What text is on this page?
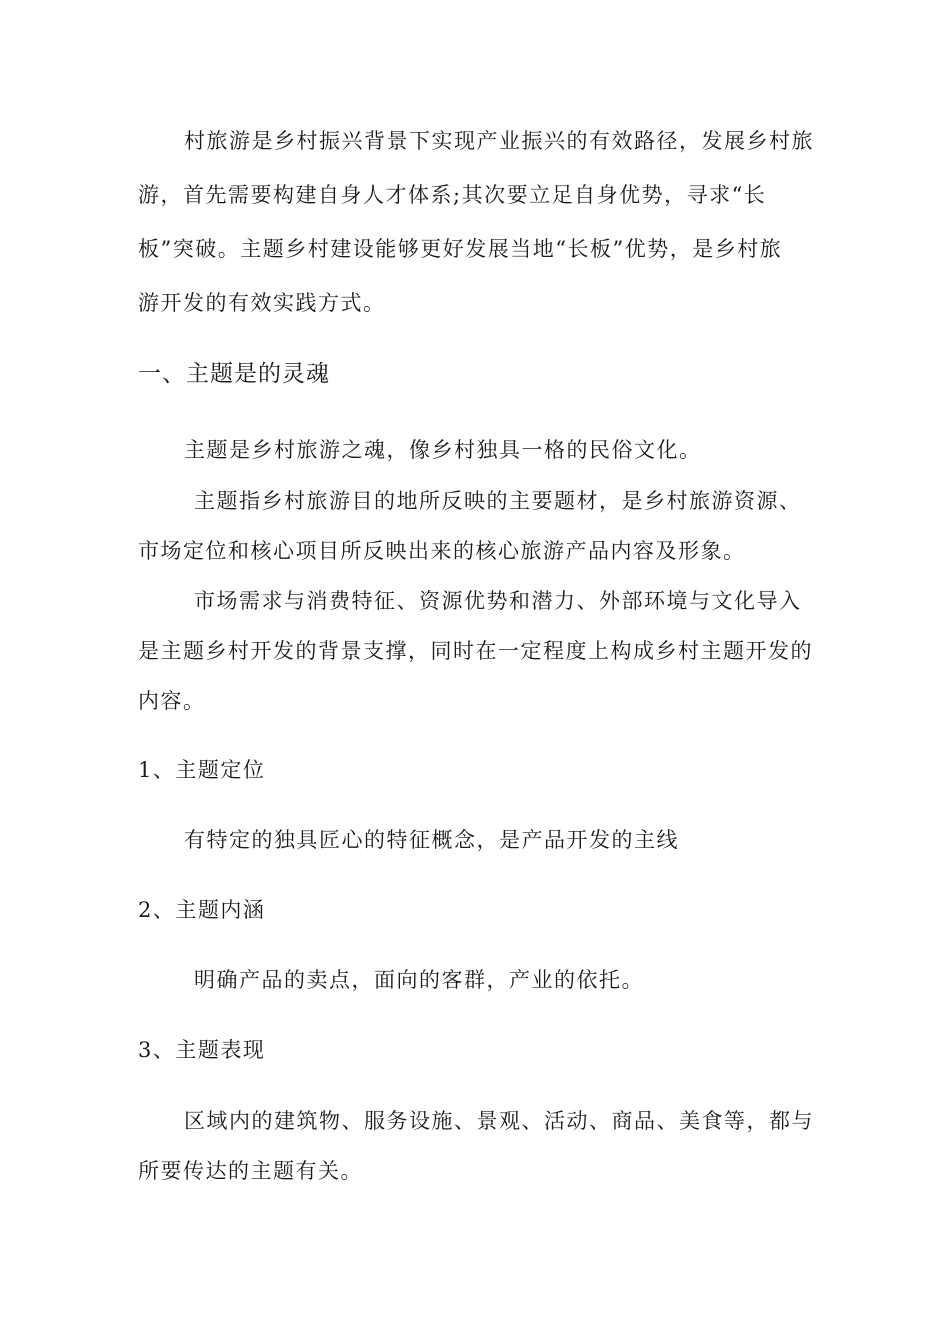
村旅游是乡村振兴背景下实现产业振兴的有效路径，发展乡村旅
游，首先需要构建自身人才体系;其次要立足自身优势，寻求“长
板”突破。主题乡村建设能够更好发展当地“长板”优势，是乡村旅
游开发的有效实践方式。
一、主题是的灵魂
主题是乡村旅游之魂，像乡村独具一格的民俗文化。
主题指乡村旅游目的地所反映的主要题材，是乡村旅游资源、
市场定位和核心项目所反映出来的核心旅游产品内容及形象。
市场需求与消费特征、资源优势和潜力、外部环境与文化导入
是主题乡村开发的背景支撑，同时在一定程度上构成乡村主题开发的
内容。
1、主题定位
有特定的独具匠心的特征概念，是产品开发的主线
2、主题内涵
明确产品的卖点，面向的客群，产业的依托。
3、主题表现
区域内的建筑物、服务设施、景观、活动、商品、美食等，都与
所要传达的主题有关。
